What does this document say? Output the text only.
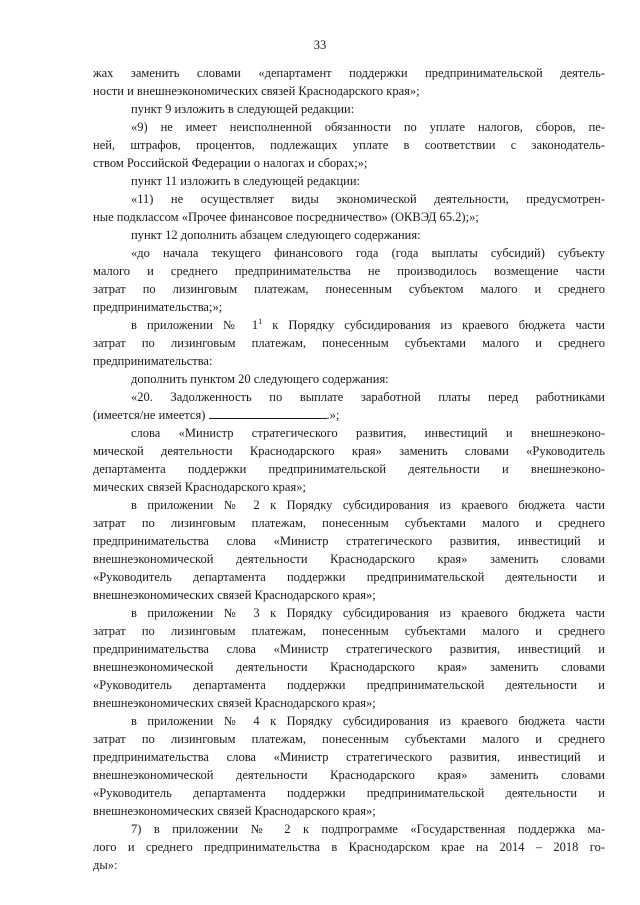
33
жах заменить словами «департамент поддержки предпринимательской деятель-
ности и внешнеэкономических связей Краснодарского края»;
пункт 9 изложить в следующей редакции:
«9) не имеет неисполненной обязанности по уплате налогов, сборов, пе-
ней, штрафов, процентов, подлежащих уплате в соответствии с законодатель-
ством Российской Федерации о налогах и сборах;»;
пункт 11 изложить в следующей редакции:
«11) не осуществляет виды экономической деятельности, предусмотрен-
ные подклассом «Прочее финансовое посредничество» (ОКВЭД 65.2);»;
пункт 12 дополнить абзацем следующего содержания:
«до начала текущего финансового года (года выплаты субсидий) субъекту
малого и среднего предпринимательства не производилось возмещение части
затрат по лизинговым платежам, понесенным субъектом малого и среднего
предпринимательства;»;
в приложении № $1^1$ к Порядку субсидирования из краевого бюджета части
затрат по лизинговым платежам, понесенным субъектами малого и среднего
предпринимательства:
дополнить пунктом 20 следующего содержания:
«20. Задолженность по выплате заработной платы перед работниками
(имеется/не имеется)	.»;
слова «Министр стратегического развития, инвестиций и внешнеэконо-
мической деятельности Краснодарского края» заменить словами «Руководитель
департамента поддержки предпринимательской деятельности и внешнеэконо-
мических связей Краснодарского края»;
в приложении № 2 к Порядку субсидирования из краевого бюджета части
затрат по лизинговым платежам, понесенным субъектами малого и среднего
предпринимательства слова «Министр стратегического развития, инвестиций и
внешнеэкономической деятельности Краснодарского края» заменить словами
«Руководитель департамента поддержки предпринимательской деятельности и
внешнеэкономических связей Краснодарского края»;
в приложении № 3 к Порядку субсидирования из краевого бюджета части
затрат по лизинговым платежам, понесенным субъектами малого и среднего
предпринимательства слова «Министр стратегического развития, инвестиций и
внешнеэкономической деятельности Краснодарского края» заменить словами
«Руководитель департамента поддержки предпринимательской деятельности и
внешнеэкономических связей Краснодарского края»;
в приложении № 4 к Порядку субсидирования из краевого бюджета части
затрат по лизинговым платежам, понесенным субъектами малого и среднего
предпринимательства слова «Министр стратегического развития, инвестиций и
внешнеэкономической деятельности Краснодарского края» заменить словами
«Руководитель департамента поддержки предпринимательской деятельности и
внешнеэкономических связей Краснодарского края»;
7) в приложении № 2 к подпрограмме «Государственная поддержка ма-
лого и среднего предпринимательства в Краснодарском крае на 2014 – 2018 го-
ды»:
